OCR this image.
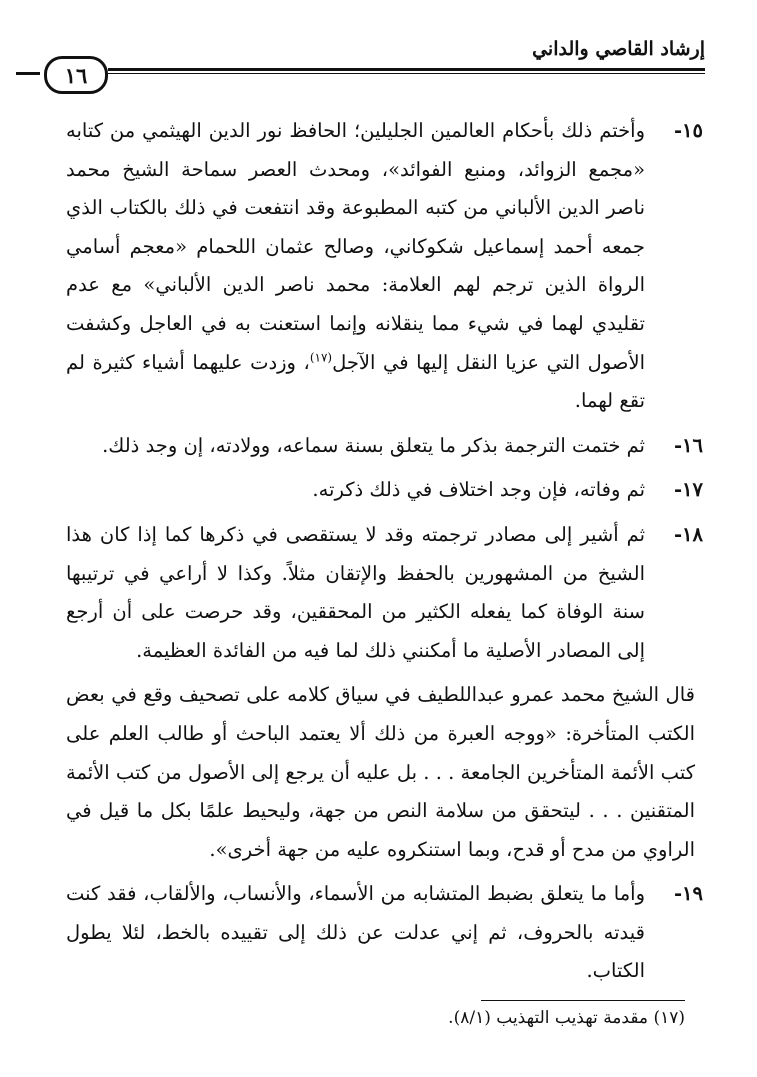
إرشاد القاصي والداني
١٦

١٥-
وأختم ذلك بأحكام العالمين الجليلين؛ الحافظ نور الدين الهيثمي من كتابه «مجمع الزوائد، ومنبع الفوائد»، ومحدث العصر سماحة الشيخ محمد ناصر الدين الألباني من كتبه المطبوعة وقد انتفعت في ذلك بالكتاب الذي جمعه أحمد إسماعيل شكوكاني، وصالح عثمان اللحمام «معجم أسامي الرواة الذين ترجم لهم العلامة: محمد ناصر الدين الألباني» مع عدم تقليدي لهما في شيء مما ينقلانه وإنما استعنت به في العاجل وكشفت الأصول التي عزيا النقل إليها في الآجل$^{(١٧)}$، وزدت عليهما أشياء كثيرة لم تقع لهما.

١٦-
ثم ختمت الترجمة بذكر ما يتعلق بسنة سماعه، وولادته، إن وجد ذلك.

١٧-
ثم وفاته، فإن وجد اختلاف في ذلك ذكرته.

١٨-
ثم أشير إلى مصادر ترجمته وقد لا يستقصى في ذكرها كما إذا كان هذا الشيخ من المشهورين بالحفظ والإتقان مثلاً. وكذا لا أراعي في ترتيبها سنة الوفاة كما يفعله الكثير من المحققين، وقد حرصت على أن أرجع إلى المصادر الأصلية ما أمكنني ذلك لما فيه من الفائدة العظيمة.

قال الشيخ محمد عمرو عبداللطيف في سياق كلامه على تصحيف وقع في بعض الكتب المتأخرة: «ووجه العبرة من ذلك ألا يعتمد الباحث أو طالب العلم على كتب الأئمة المتأخرين الجامعة . . . بل عليه أن يرجع إلى الأصول من كتب الأئمة المتقنين . . . ليتحقق من سلامة النص من جهة، وليحيط علمًا بكل ما قيل في الراوي من مدح أو قدح، وبما استنكروه عليه من جهة أخرى».

١٩-
وأما ما يتعلق بضبط المتشابه من الأسماء، والأنساب، والألقاب، فقد كنت قيدته بالحروف، ثم إني عدلت عن ذلك إلى تقييده بالخط، لئلا يطول الكتاب.

(١٧) مقدمة تهذيب التهذيب (٨/١).
